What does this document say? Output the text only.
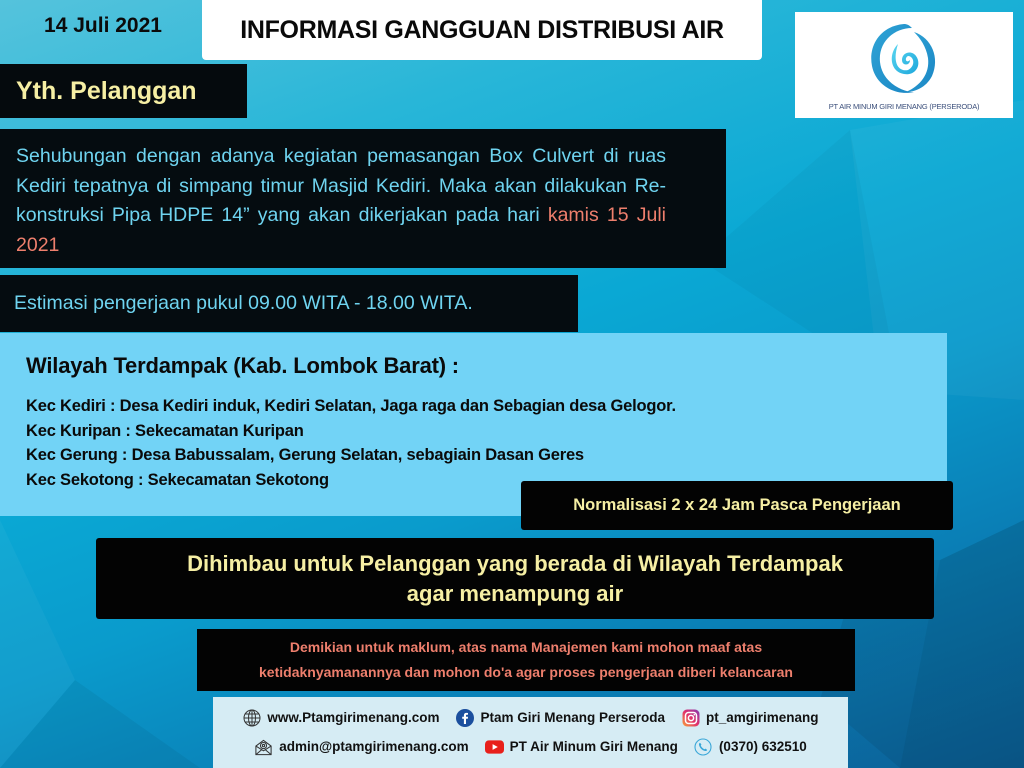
14 Juli 2021	INFORMASI GANGGUAN DISTRIBUSI AIR
PT AIR MINUM GIRI MENANG (PERSERODA)
Yth. Pelanggan
Sehubungan dengan adanya kegiatan pemasangan Box Culvert di ruas Kediri tepatnya di simpang timur Masjid Kediri. Maka akan dilakukan Re-konstruksi Pipa HDPE 14” yang akan dikerjakan pada hari kamis 15 Juli 2021
Estimasi pengerjaan pukul 09.00 WITA - 18.00 WITA.
Wilayah Terdampak (Kab. Lombok Barat) :
Kec Kediri : Desa Kediri induk, Kediri Selatan, Jaga raga dan Sebagian desa Gelogor.
Kec Kuripan : Sekecamatan Kuripan
Kec Gerung : Desa Babussalam, Gerung Selatan, sebagiain Dasan Geres
Kec Sekotong : Sekecamatan Sekotong
Normalisasi 2 x 24 Jam Pasca Pengerjaan
Dihimbau untuk Pelanggan yang berada di Wilayah Terdampak
agar menampung air
Demikian untuk maklum, atas nama Manajemen kami mohon maaf atas
ketidaknyamanannya dan mohon do'a agar proses pengerjaan diberi kelancaran
www.Ptamgirimenang.com	Ptam Giri Menang Perseroda	pt_amgirimenang
admin@ptamgirimenang.com	PT Air Minum Giri Menang	(0370) 632510
